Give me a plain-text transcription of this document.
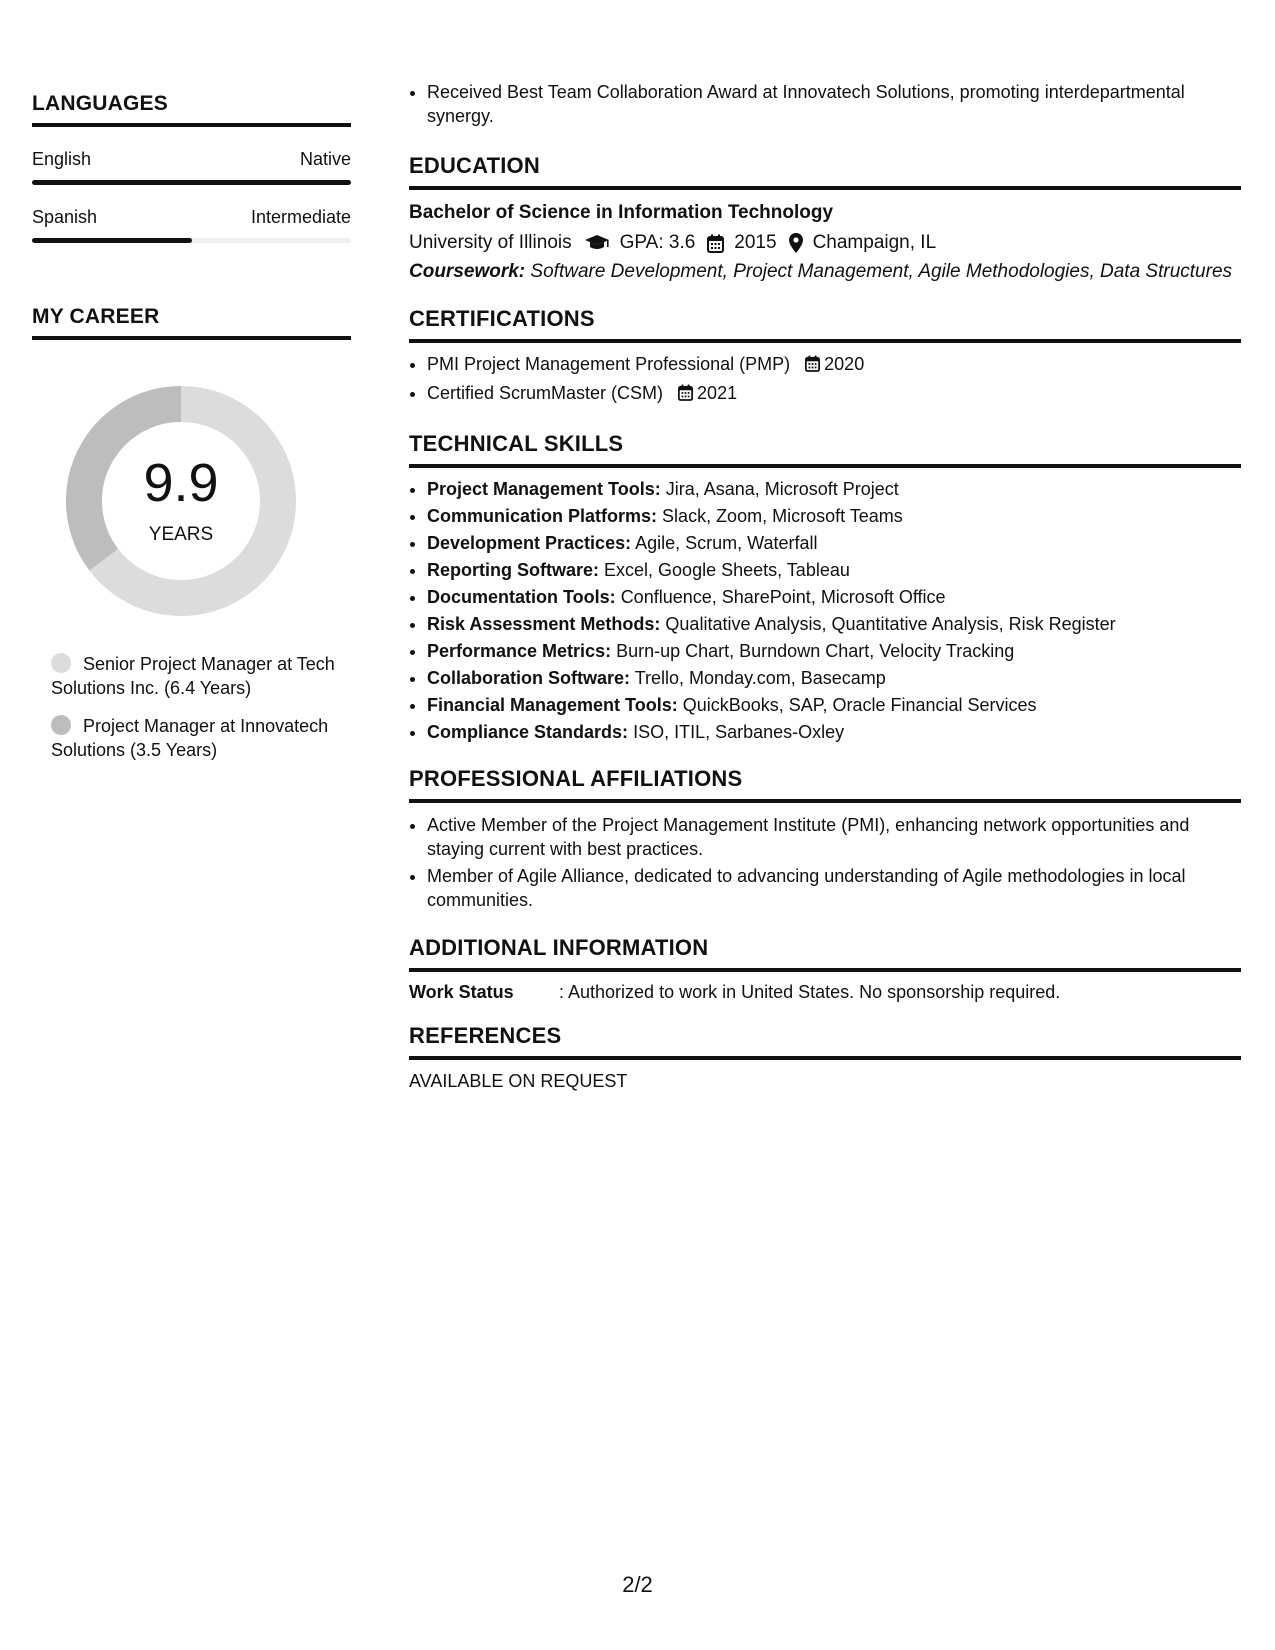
LANGUAGES
English	Native
Spanish	Intermediate
MY CAREER
9.9
YEARS
Senior Project Manager at Tech Solutions Inc. (6.4 Years)
Project Manager at Innovatech Solutions (3.5 Years)
• Received Best Team Collaboration Award at Innovatech Solutions, promoting interdepartmental synergy.
EDUCATION
Bachelor of Science in Information Technology
University of Illinois	GPA: 3.6 2015 Champaign, IL
Coursework: Software Development, Project Management, Agile Methodologies, Data Structures
CERTIFICATIONS
• PMI Project Management Professional (PMP) 2020
• Certified ScrumMaster (CSM) 2021
TECHNICAL SKILLS
• Project Management Tools: Jira, Asana, Microsoft Project
• Communication Platforms: Slack, Zoom, Microsoft Teams
• Development Practices: Agile, Scrum, Waterfall
• Reporting Software: Excel, Google Sheets, Tableau
• Documentation Tools: Confluence, SharePoint, Microsoft Office
• Risk Assessment Methods: Qualitative Analysis, Quantitative Analysis, Risk Register
• Performance Metrics: Burn-up Chart, Burndown Chart, Velocity Tracking
• Collaboration Software: Trello, Monday.com, Basecamp
• Financial Management Tools: QuickBooks, SAP, Oracle Financial Services
• Compliance Standards: ISO, ITIL, Sarbanes-Oxley
PROFESSIONAL AFFILIATIONS
• Active Member of the Project Management Institute (PMI), enhancing network opportunities and staying current with best practices.
• Member of Agile Alliance, dedicated to advancing understanding of Agile methodologies in local communities.
ADDITIONAL INFORMATION
Work Status	: Authorized to work in United States. No sponsorship required.
REFERENCES
AVAILABLE ON REQUEST
2/2
